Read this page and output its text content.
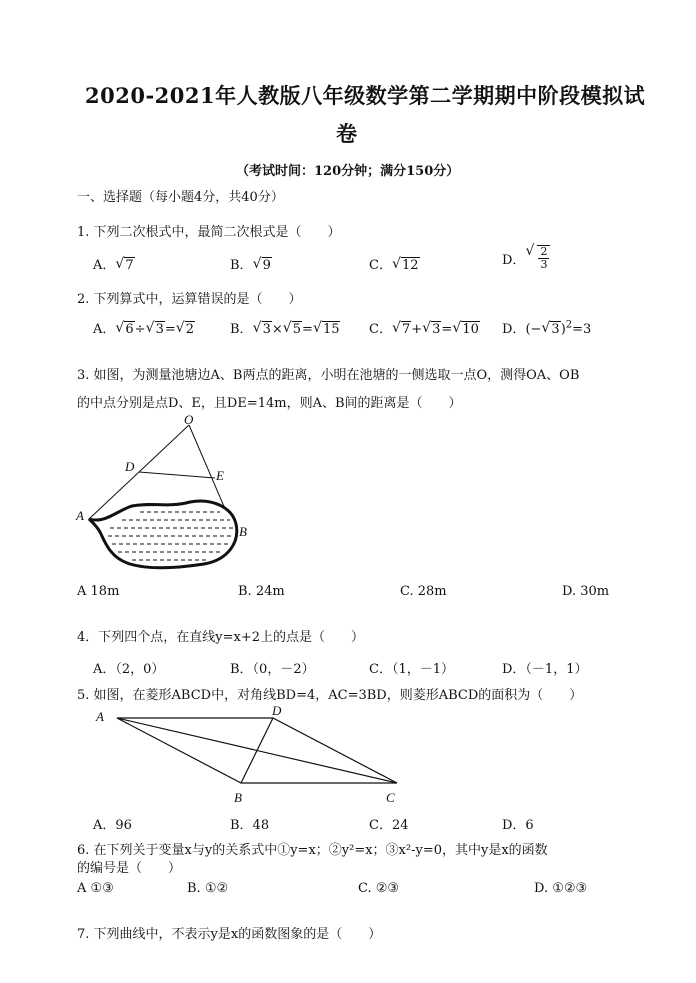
2020-2021年人教版八年级数学第二学期期中阶段模拟试
卷
（考试时间：120分钟；满分150分）
一、选择题（每小题4分，共40分）
1. 下列二次根式中，最简二次根式是（　　）
A． √ 7	B． √ 9	C． √ 12	D． √ $\frac{2}{3}$
2. 下列算式中，运算错误的是（　　）
A． √ 6÷ √ 3= √ 2	B． √ 3× √ 5= √ 15 C． √ 7+ √ 3= √ 10 D．(− √ 3)$^2$=3
3. 如图，为测量池塘边A、B两点的距离，小明在池塘的一侧选取一点O，测得OA、OB
的中点分别是点D、E，且DE=14m，则A、B间的距离是（　　）
O
D
E
A
B
A 18m	B. 24m	C. 28m	D. 30m
4．下列四个点，在直线y=x+2上的点是（　　）
A．（2，0）	B．（0，－2）	C．（1，－1）	D．（－1，1）
5. 如图，在菱形ABCD中，对角线BD=4，AC=3BD，则菱形ABCD的面积为（　　）
A	D
B	C
A．96	B．48	C．24	D．6
6. 在下列关于变量x与y的关系式中①y=x；②y²=x；③x²-y=0，其中y是x的函数
的编号是（　　）
A ①③	B. ①②	C. ②③	D. ①②③
7. 下列曲线中，不表示y是x的函数图象的是（　　）
